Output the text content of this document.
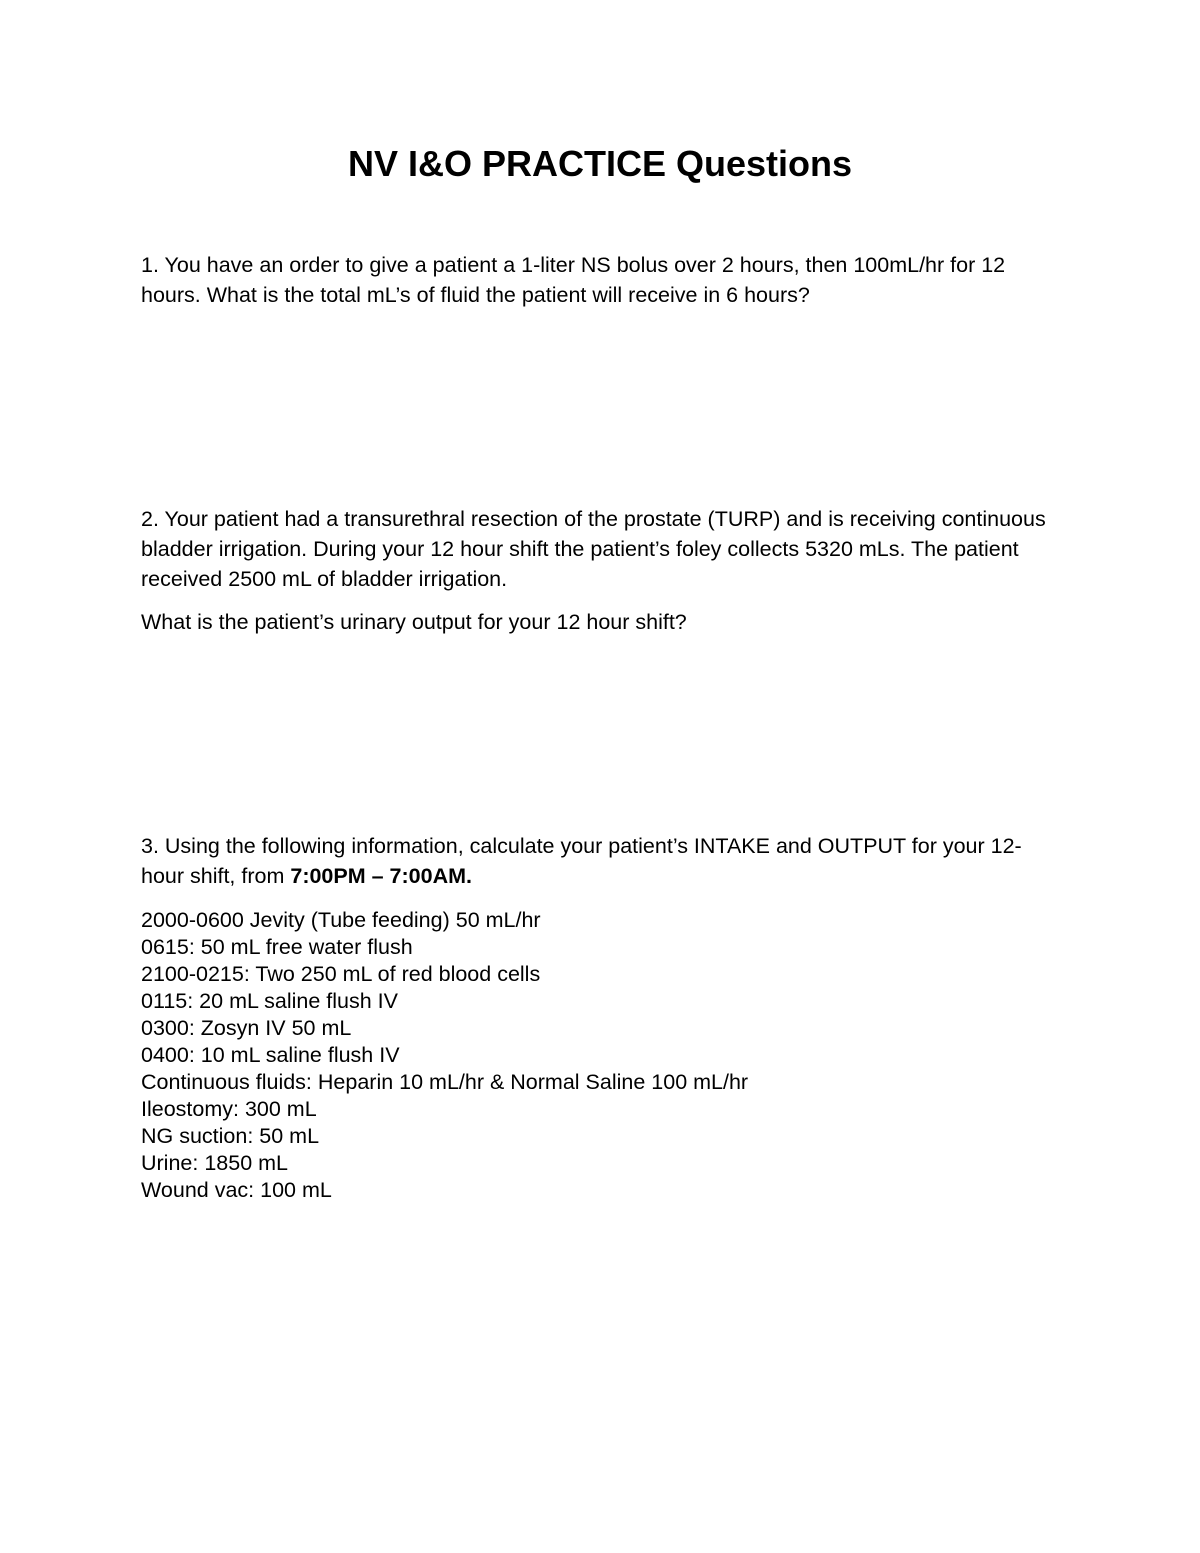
NV I&O PRACTICE Questions

1. You have an order to give a patient a 1-liter NS bolus over 2 hours, then 100mL/hr for 12 hours. What is the total mL’s of fluid the patient will receive in 6 hours?

2. Your patient had a transurethral resection of the prostate (TURP) and is receiving continuous bladder irrigation. During your 12 hour shift the patient’s foley collects 5320 mLs. The patient received 2500 mL of bladder irrigation.

What is the patient’s urinary output for your 12 hour shift?

3. Using the following information, calculate your patient’s INTAKE and OUTPUT for your 12-hour shift, from 7:00PM – 7:00AM.

2000-0600 Jevity (Tube feeding) 50 mL/hr
0615: 50 mL free water flush
2100-0215: Two 250 mL of red blood cells
0115: 20 mL saline flush IV
0300: Zosyn IV 50 mL
0400: 10 mL saline flush IV
Continuous fluids: Heparin 10 mL/hr & Normal Saline 100 mL/hr
Ileostomy: 300 mL
NG suction: 50 mL
Urine: 1850 mL
Wound vac: 100 mL
